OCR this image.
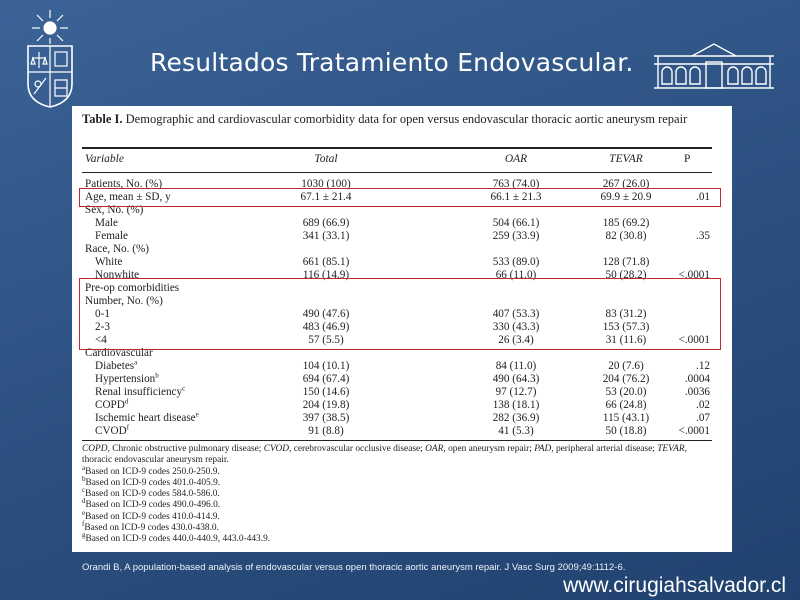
Resultados Tratamiento Endovascular.
Table I. Demographic and cardiovascular comorbidity data for open versus endovascular thoracic aortic aneurysm repair
Variable	Total	OAR	TEVAR	P
Patients, No. (%)	1030 (100)	763 (74.0)	267 (26.0)
Age, mean ± SD, y	67.1 ± 21.4	66.1 ± 21.3	69.9 ± 20.9	.01
Sex, No. (%)
Male	689 (66.9)	504 (66.1)	185 (69.2)
Female	341 (33.1)	259 (33.9)	82 (30.8)	.35
Race, No. (%)
White	661 (85.1)	533 (89.0)	128 (71.8)
Nonwhite	116 (14.9)	66 (11.0)	50 (28.2)	<.0001
Pre-op comorbidities
Number, No. (%)
0-1	490 (47.6)	407 (53.3)	83 (31.2)
2-3	483 (46.9)	330 (43.3)	153 (57.3)
<4	57 (5.5)	26 (3.4)	31 (11.6)	<.0001
Cardiovascular
Diabetes$^a$	104 (10.1)	84 (11.0)	20 (7.6)	.12
Hypertension$^b$	694 (67.4)	490 (64.3)	204 (76.2)	.0004
Renal insufficiency$^c$	150 (14.6)	97 (12.7)	53 (20.0)	.0036
COPD$^d$	204 (19.8)	138 (18.1)	66 (24.8)	.02
Ischemic heart disease$^e$	397 (38.5)	282 (36.9)	115 (43.1)	.07
CVOD$^f$	91 (8.8)	41 (5.3)	50 (18.8)	<.0001
COPD, Chronic obstructive pulmonary disease; CVOD, cerebrovascular occlusive disease; OAR, open aneurysm repair; PAD, peripheral arterial disease; TEVAR, thoracic endovascular aneurysm repair.
$^a$Based on ICD-9 codes 250.0-250.9.
$^b$Based on ICD-9 codes 401.0-405.9.
$^c$Based on ICD-9 codes 584.0-586.0.
$^d$Based on ICD-9 codes 490.0-496.0.
$^e$Based on ICD-9 codes 410.0-414.9.
$^f$Based on ICD-9 codes 430.0-438.0.
$^g$Based on ICD-9 codes 440.0-440.9, 443.0-443.9.

Orandi B, A population-based analysis of endovascular versus open thoracic aortic aneurysm repair. J Vasc Surg 2009;49:1112-6.

www.cirugiahsalvador.cl
